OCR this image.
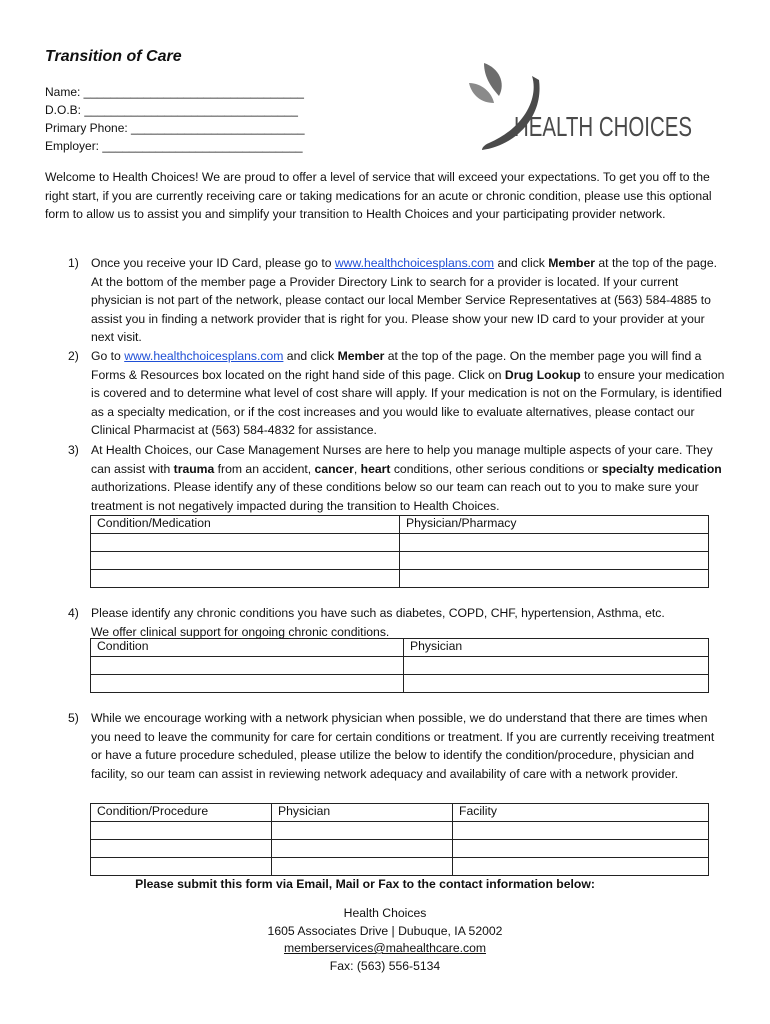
Transition of Care
Name: _________________________________
D.O.B: ________________________________
Primary Phone: __________________________
Employer: ______________________________
HEALTH CHOICES
Welcome to Health Choices! We are proud to offer a level of service that will exceed your expectations. To get you off to the right start, if you are currently receiving care or taking medications for an acute or chronic condition, please use this optional form to allow us to assist you and simplify your transition to Health Choices and your participating provider network.
1) Once you receive your ID Card, please go to www.healthchoicesplans.com and click Member at the top of the page. At the bottom of the member page a Provider Directory Link to search for a provider is located. If your current physician is not part of the network, please contact our local Member Service Representatives at (563) 584-4885 to assist you in finding a network provider that is right for you. Please show your new ID card to your provider at your next visit.
2) Go to www.healthchoicesplans.com and click Member at the top of the page. On the member page you will find a Forms & Resources box located on the right hand side of this page. Click on Drug Lookup to ensure your medication is covered and to determine what level of cost share will apply. If your medication is not on the Formulary, is identified as a specialty medication, or if the cost increases and you would like to evaluate alternatives, please contact our Clinical Pharmacist at (563) 584-4832 for assistance.
3) At Health Choices, our Case Management Nurses are here to help you manage multiple aspects of your care. They can assist with trauma from an accident, cancer, heart conditions, other serious conditions or specialty medication authorizations. Please identify any of these conditions below so our team can reach out to you to make sure your treatment is not negatively impacted during the transition to Health Choices.
Condition/Medication	Physician/Pharmacy

4) Please identify any chronic conditions you have such as diabetes, COPD, CHF, hypertension, Asthma, etc.
We offer clinical support for ongoing chronic conditions.
Condition	Physician

5) While we encourage working with a network physician when possible, we do understand that there are times when you need to leave the community for care for certain conditions or treatment. If you are currently receiving treatment or have a future procedure scheduled, please utilize the below to identify the condition/procedure, physician and facility, so our team can assist in reviewing network adequacy and availability of care with a network provider.
Condition/Procedure	Physician	Facility

Please submit this form via Email, Mail or Fax to the contact information below:
Health Choices
1605 Associates Drive | Dubuque, IA 52002
memberservices@mahealthcare.com
Fax: (563) 556-5134
